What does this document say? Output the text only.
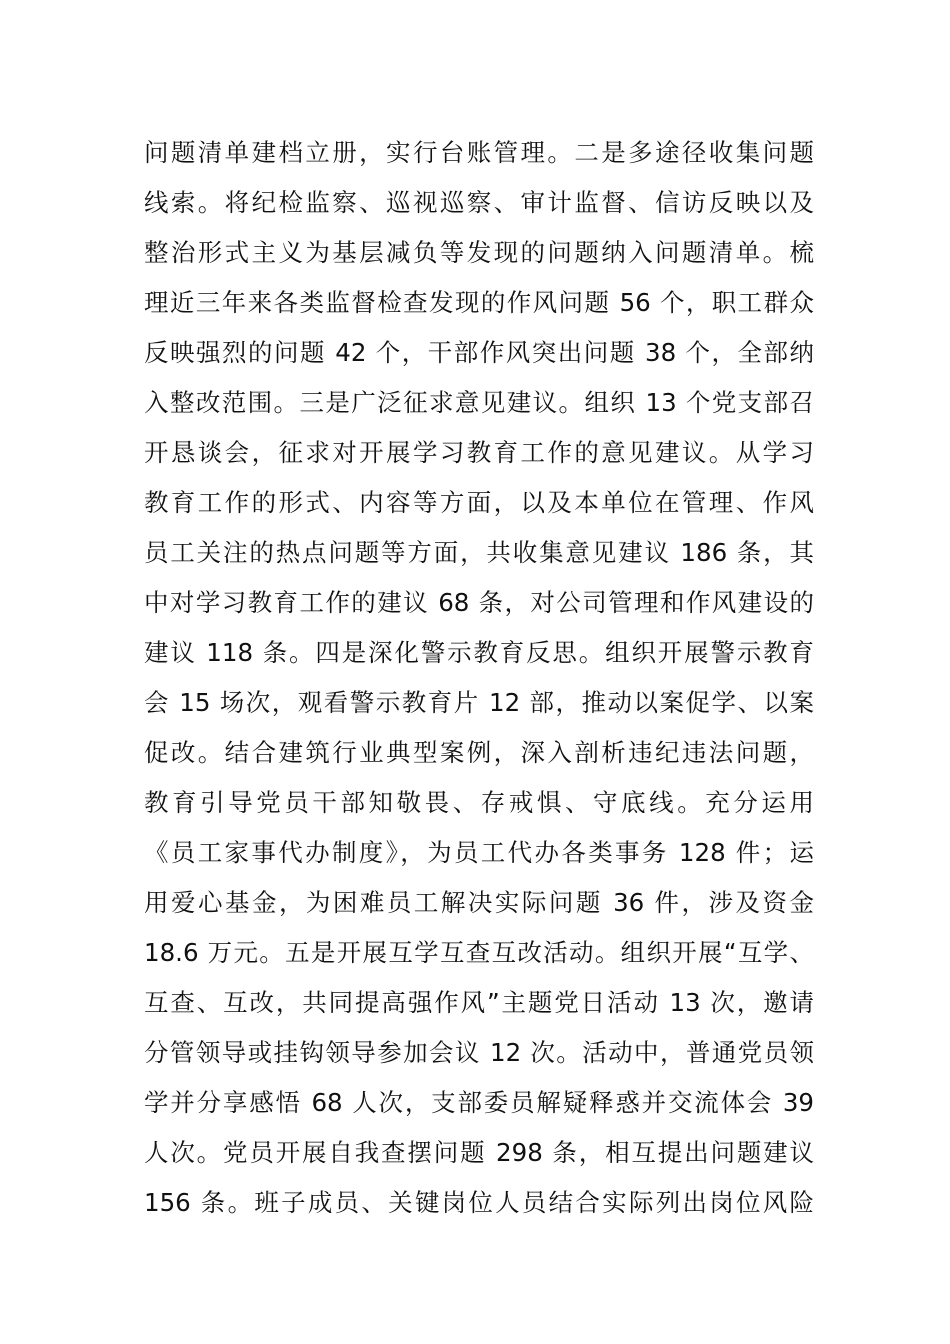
问题清单建档立册，实行台账管理。二是多途径收集问题
线索。将纪检监察、巡视巡察、审计监督、信访反映以及
整治形式主义为基层减负等发现的问题纳入问题清单。梳
理近三年来各类监督检查发现的作风问题 56 个，职工群众
反映强烈的问题 42 个，干部作风突出问题 38 个，全部纳
入整改范围。三是广泛征求意见建议。组织 13 个党支部召
开恳谈会，征求对开展学习教育工作的意见建议。从学习
教育工作的形式、内容等方面，以及本单位在管理、作风
员工关注的热点问题等方面，共收集意见建议 186 条，其
中对学习教育工作的建议 68 条，对公司管理和作风建设的
建议 118 条。四是深化警示教育反思。组织开展警示教育
会 15 场次，观看警示教育片 12 部，推动以案促学、以案
促改。结合建筑行业典型案例，深入剖析违纪违法问题，
教育引导党员干部知敬畏、存戒惧、守底线。充分运用
《员工家事代办制度》，为员工代办各类事务 128 件；运
用爱心基金，为困难员工解决实际问题 36 件，涉及资金
18.6 万元。五是开展互学互查互改活动。组织开展“互学、
互查、互改，共同提高强作风”主题党日活动 13 次，邀请
分管领导或挂钩领导参加会议 12 次。活动中，普通党员领
学并分享感悟 68 人次，支部委员解疑释惑并交流体会 39
人次。党员开展自我查摆问题 298 条，相互提出问题建议
156 条。班子成员、关键岗位人员结合实际列出岗位风险
